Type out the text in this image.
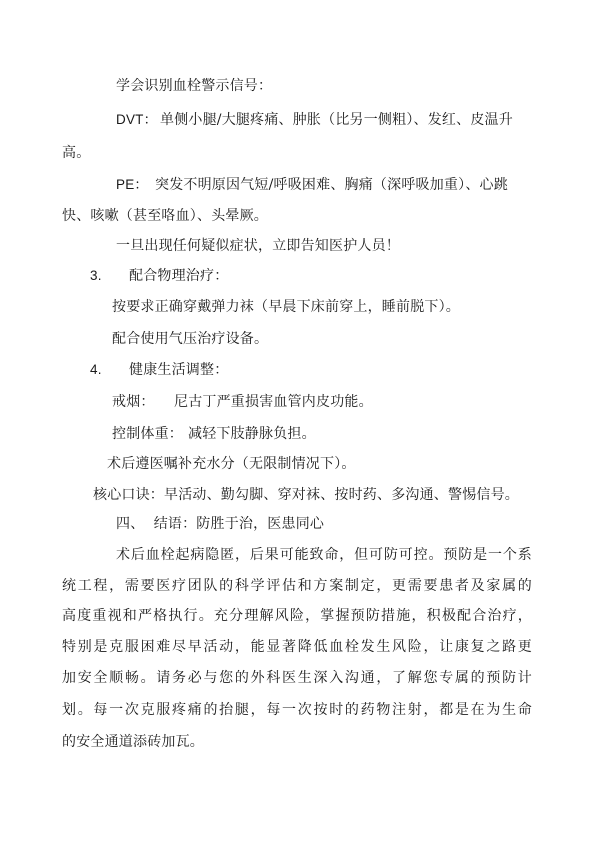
学会识别血栓警示信号：
DVT： 单侧小腿/大腿疼痛、肿胀（比另一侧粗）、发红、皮温升
高。
PE： 突发不明原因气短/呼吸困难、胸痛（深呼吸加重）、心跳
快、咳嗽（甚至咯血）、头晕厥。
一旦出现任何疑似症状，立即告知医护人员！
3. 配合物理治疗：
按要求正确穿戴弹力袜（早晨下床前穿上，睡前脱下）。
配合使用气压治疗设备。
4. 健康生活调整：
戒烟： 尼古丁严重损害血管内皮功能。
控制体重： 减轻下肢静脉负担。
术后遵医嘱补充水分（无限制情况下）。
核心口诀：早活动、勤勾脚、穿对袜、按时药、多沟通、警惕信号。
四、  结语：防胜于治，医患同心
术后血栓起病隐匿，后果可能致命，但可防可控。预防是一个系
统工程，需要医疗团队的科学评估和方案制定，更需要患者及家属的
高度重视和严格执行。充分理解风险，掌握预防措施，积极配合治疗，
特别是克服困难尽早活动，能显著降低血栓发生风险，让康复之路更
加安全顺畅。请务必与您的外科医生深入沟通，了解您专属的预防计
划。每一次克服疼痛的抬腿，每一次按时的药物注射，都是在为生命
的安全通道添砖加瓦。
